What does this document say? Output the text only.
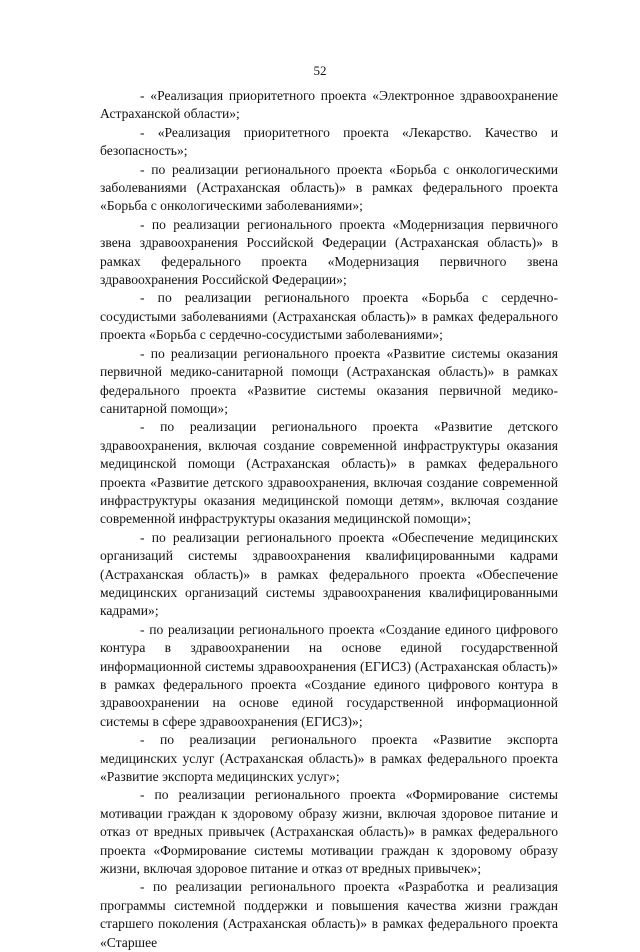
52

- «Реализация приоритетного проекта «Электронное здравоохранение Астраханской области»;

- «Реализация приоритетного проекта «Лекарство. Качество и безопасность»;

- по реализации регионального проекта «Борьба с онкологическими заболеваниями (Астраханская область)» в рамках федерального проекта «Борьба с онкологическими заболеваниями»;

- по реализации регионального проекта «Модернизация первичного звена здравоохранения Российской Федерации (Астраханская область)» в рамках федерального проекта «Модернизация первичного звена здравоохранения Российской Федерации»;

- по реализации регионального проекта «Борьба с сердечно-сосудистыми заболеваниями (Астраханская область)» в рамках федерального проекта «Борьба с сердечно-сосудистыми заболеваниями»;

- по реализации регионального проекта «Развитие системы оказания первичной медико-санитарной помощи (Астраханская область)» в рамках федерального проекта «Развитие системы оказания первичной медико-санитарной помощи»;

- по реализации регионального проекта «Развитие детского здравоохранения, включая создание современной инфраструктуры оказания медицинской помощи (Астраханская область)» в рамках федерального проекта «Развитие детского здравоохранения, включая создание современной инфраструктуры оказания медицинской помощи детям», включая создание современной инфраструктуры оказания медицинской помощи»;

- по реализации регионального проекта «Обеспечение медицинских организаций системы здравоохранения квалифицированными кадрами (Астраханская область)» в рамках федерального проекта «Обеспечение медицинских организаций системы здравоохранения квалифицированными кадрами»;

- по реализации регионального проекта «Создание единого цифрового контура в здравоохранении на основе единой государственной информационной системы здравоохранения (ЕГИСЗ) (Астраханская область)» в рамках федерального проекта «Создание единого цифрового контура в здравоохранении на основе единой государственной информационной системы в сфере здравоохранения (ЕГИСЗ)»;

- по реализации регионального проекта «Развитие экспорта медицинских услуг (Астраханская область)» в рамках федерального проекта «Развитие экспорта медицинских услуг»;

- по реализации регионального проекта «Формирование системы мотивации граждан к здоровому образу жизни, включая здоровое питание и отказ от вредных привычек (Астраханская область)» в рамках федерального проекта «Формирование системы мотивации граждан к здоровому образу жизни, включая здоровое питание и отказ от вредных привычек»;

- по реализации регионального проекта «Разработка и реализация программы системной поддержки и повышения качества жизни граждан старшего поколения (Астраханская область)» в рамках федерального проекта «Старшее
